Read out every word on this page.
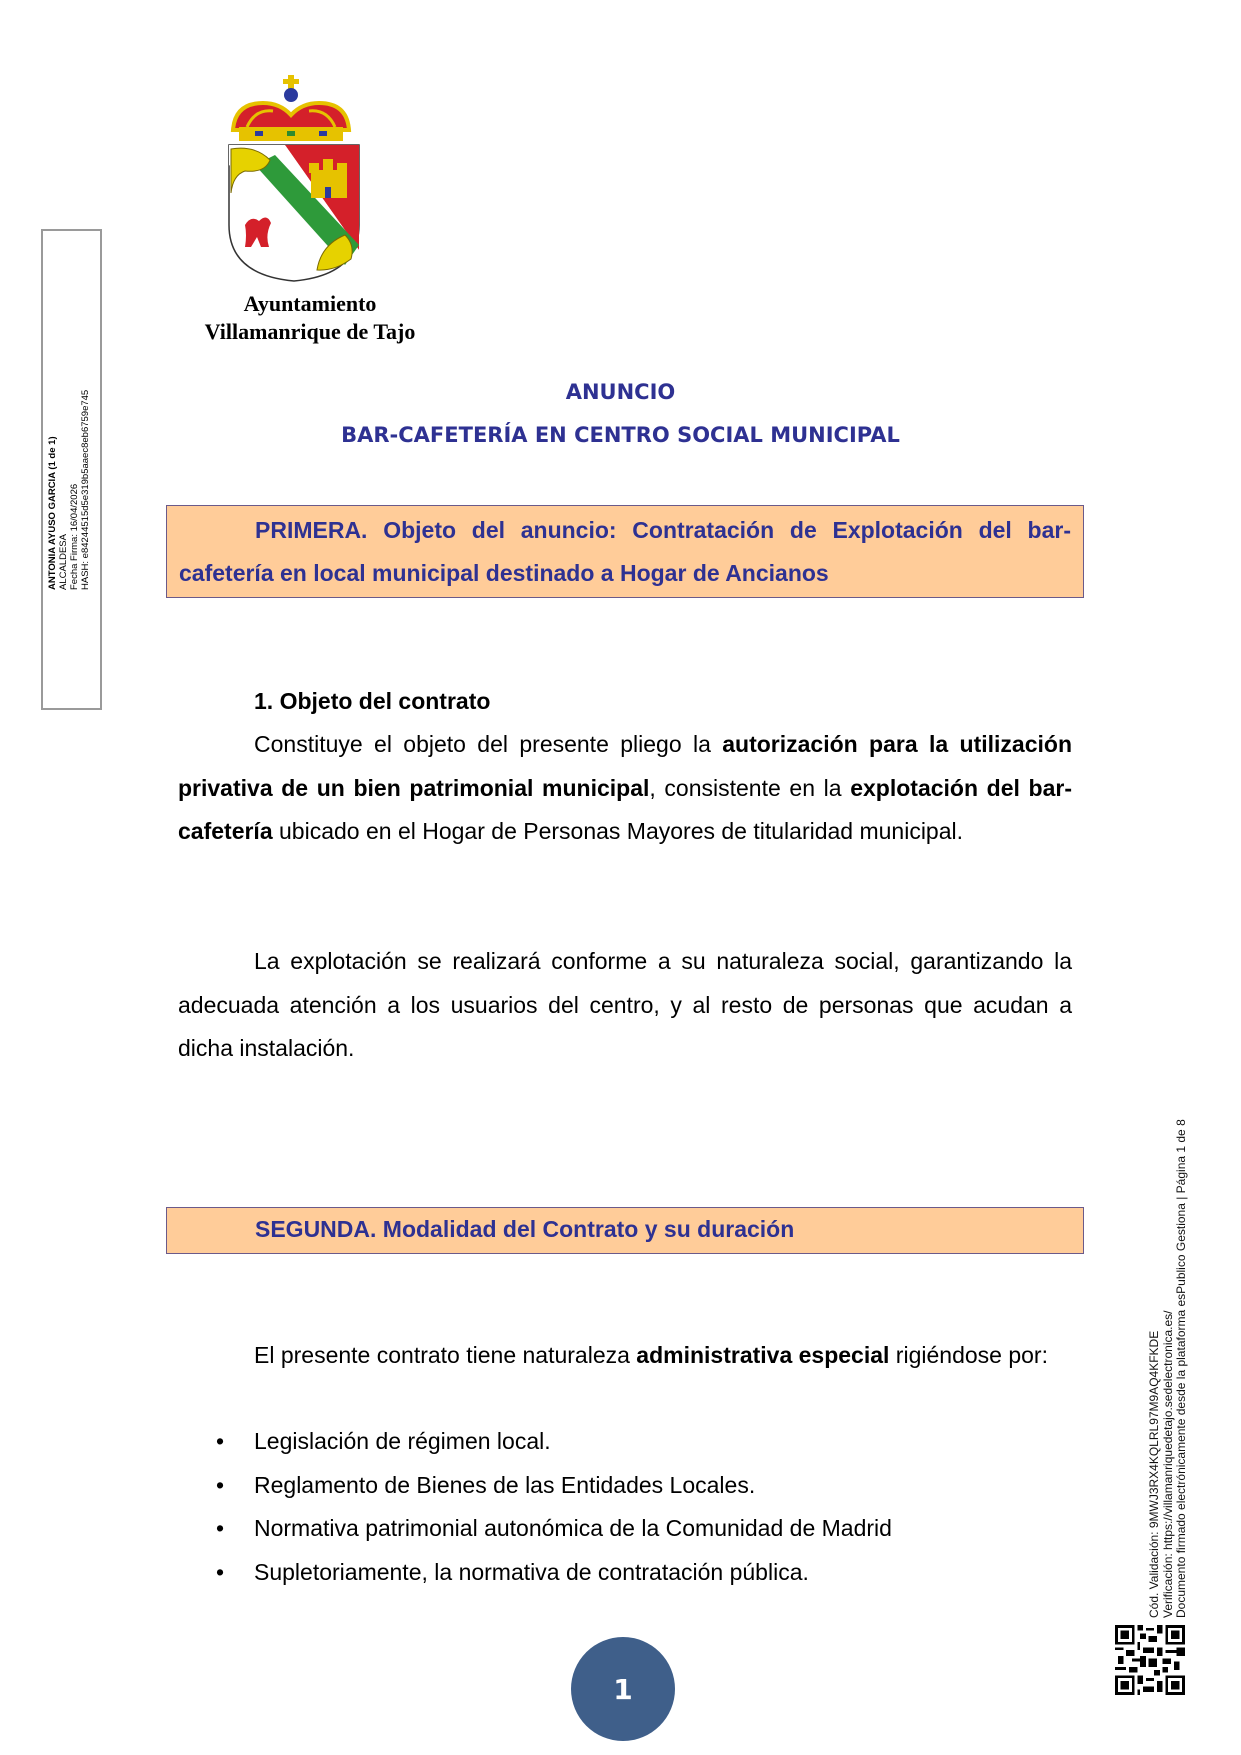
Ayuntamiento
Villamanrique de Tajo
ANTONIA AYUSO GARCIA (1 de 1) ALCALDESA Fecha Firma: 16/04/2026 HASH: e84244515d5e319b5aaec8eb6759e745
Cód. Validación: 9MWJ3RX4KQLRL97M9AQ4KFKDE Verificación: https://villamanriquedetajo.sedelectronica.es/ Documento firmado electrónicamente desde la plataforma esPublico Gestiona | Página 1 de 8
ANUNCIO
BAR-CAFETERÍA EN CENTRO SOCIAL MUNICIPAL
PRIMERA. Objeto del anuncio: Contratación de Explotación del bar-cafetería en local municipal destinado a Hogar de Ancianos
1. Objeto del contrato
Constituye el objeto del presente pliego la autorización para la utilización privativa de un bien patrimonial municipal, consistente en la explotación del bar-cafetería ubicado en el Hogar de Personas Mayores de titularidad municipal.
La explotación se realizará conforme a su naturaleza social, garantizando la adecuada atención a los usuarios del centro, y al resto de personas que acudan a dicha instalación.
SEGUNDA. Modalidad del Contrato y su duración
El presente contrato tiene naturaleza administrativa especial rigiéndose por:
• Legislación de régimen local.
• Reglamento de Bienes de las Entidades Locales.
• Normativa patrimonial autonómica de la Comunidad de Madrid
• Supletoriamente, la normativa de contratación pública.
1
